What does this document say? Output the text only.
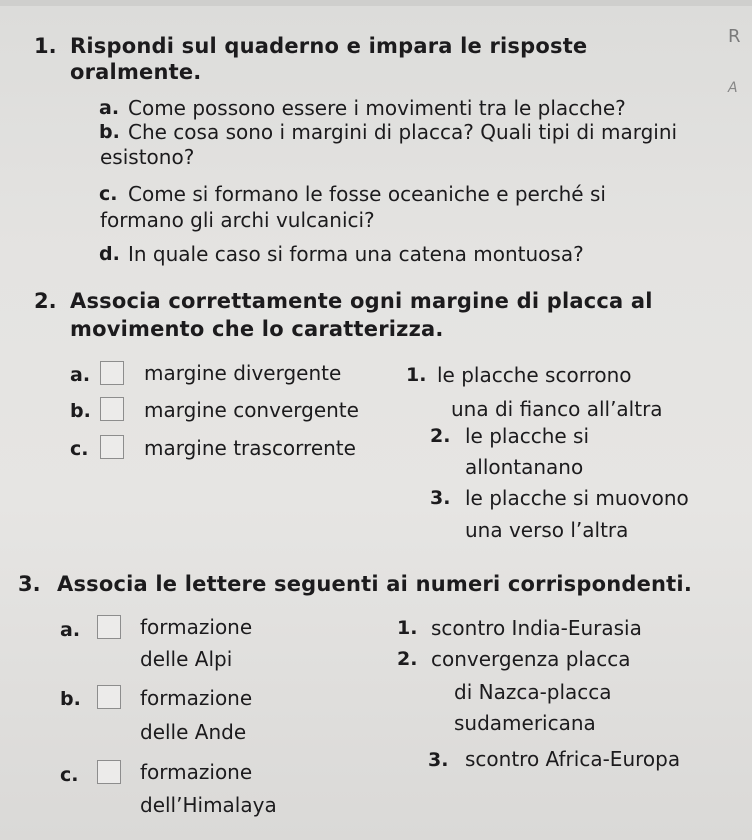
R
A
1. Rispondi sul quaderno e impara le risposte
oralmente.
a. Come possono essere i movimenti tra le placche?
b. Che cosa sono i margini di placca? Quali tipi di margini
esistono?
c. Come si formano le fosse oceaniche e perché si
formano gli archi vulcanici?
d. In quale caso si forma una catena montuosa?
2. Associa correttamente ogni margine di placca al
movimento che lo caratterizza.
a.	margine divergente
b.	margine convergente
c.	margine trascorrente
1. le placche scorrono
una di fianco all’altra
2. le placche si
allontanano
3. le placche si muovono
una verso l’altra
3. Associa le lettere seguenti ai numeri corrispondenti.
a.	formazione
delle Alpi
b.	formazione
delle Ande
c.	formazione
dell’Himalaya
1. scontro India-Eurasia
2. convergenza placca
di Nazca-placca
sudamericana
3. scontro Africa-Europa
